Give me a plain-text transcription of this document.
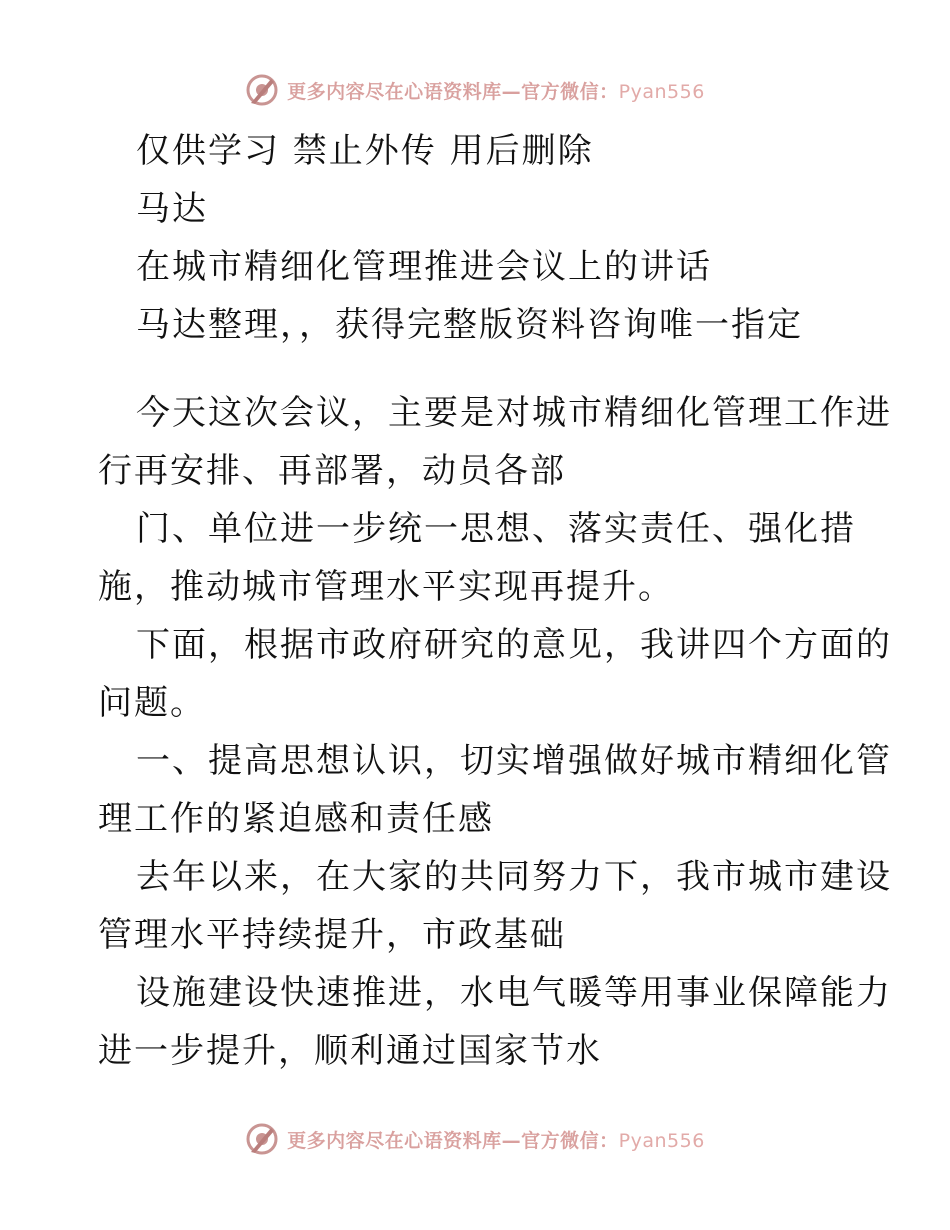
更多内容尽在心语资料库—官方微信：Pyan556
仅供学习 禁止外传 用后删除
马达
在城市精细化管理推进会议上的讲话
马达整理，，获得完整版资料咨询唯一指定
今天这次会议，主要是对城市精细化管理工作进
行再安排、再部署，动员各部
门、单位进一步统一思想、落实责任、强化措
施，推动城市管理水平实现再提升。
下面，根据市政府研究的意见，我讲四个方面的
问题。
一、提高思想认识，切实增强做好城市精细化管
理工作的紧迫感和责任感
去年以来，在大家的共同努力下，我市城市建设
管理水平持续提升，市政基础
设施建设快速推进，水电气暖等用事业保障能力
进一步提升，顺利通过国家节水
更多内容尽在心语资料库—官方微信：Pyan556
